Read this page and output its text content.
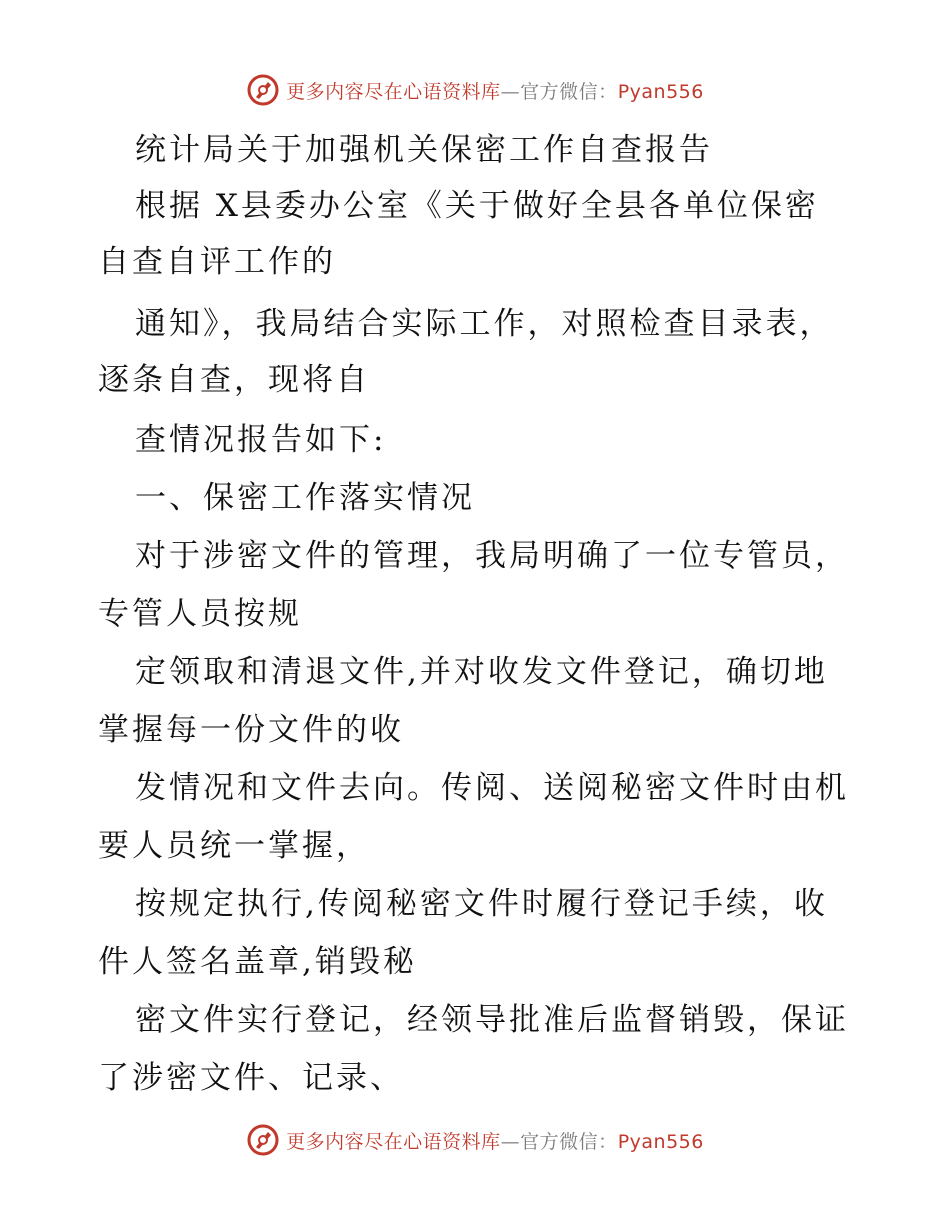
更多内容尽在心语资料库—官方微信：Pyan556
统计局关于加强机关保密工作自查报告
根据 X县委办公室《关于做好全县各单位保密
自查自评工作的
通知》，我局结合实际工作，对照检查目录表，
逐条自查，现将自
查情况报告如下:
一、保密工作落实情况
对于涉密文件的管理，我局明确了一位专管员，
专管人员按规
定领取和清退文件,并对收发文件登记，确切地
掌握每一份文件的收
发情况和文件去向。传阅、送阅秘密文件时由机
要人员统一掌握，
按规定执行,传阅秘密文件时履行登记手续，收
件人签名盖章,销毁秘
密文件实行登记，经领导批准后监督销毁，保证
了涉密文件、记录、
更多内容尽在心语资料库—官方微信：Pyan556
